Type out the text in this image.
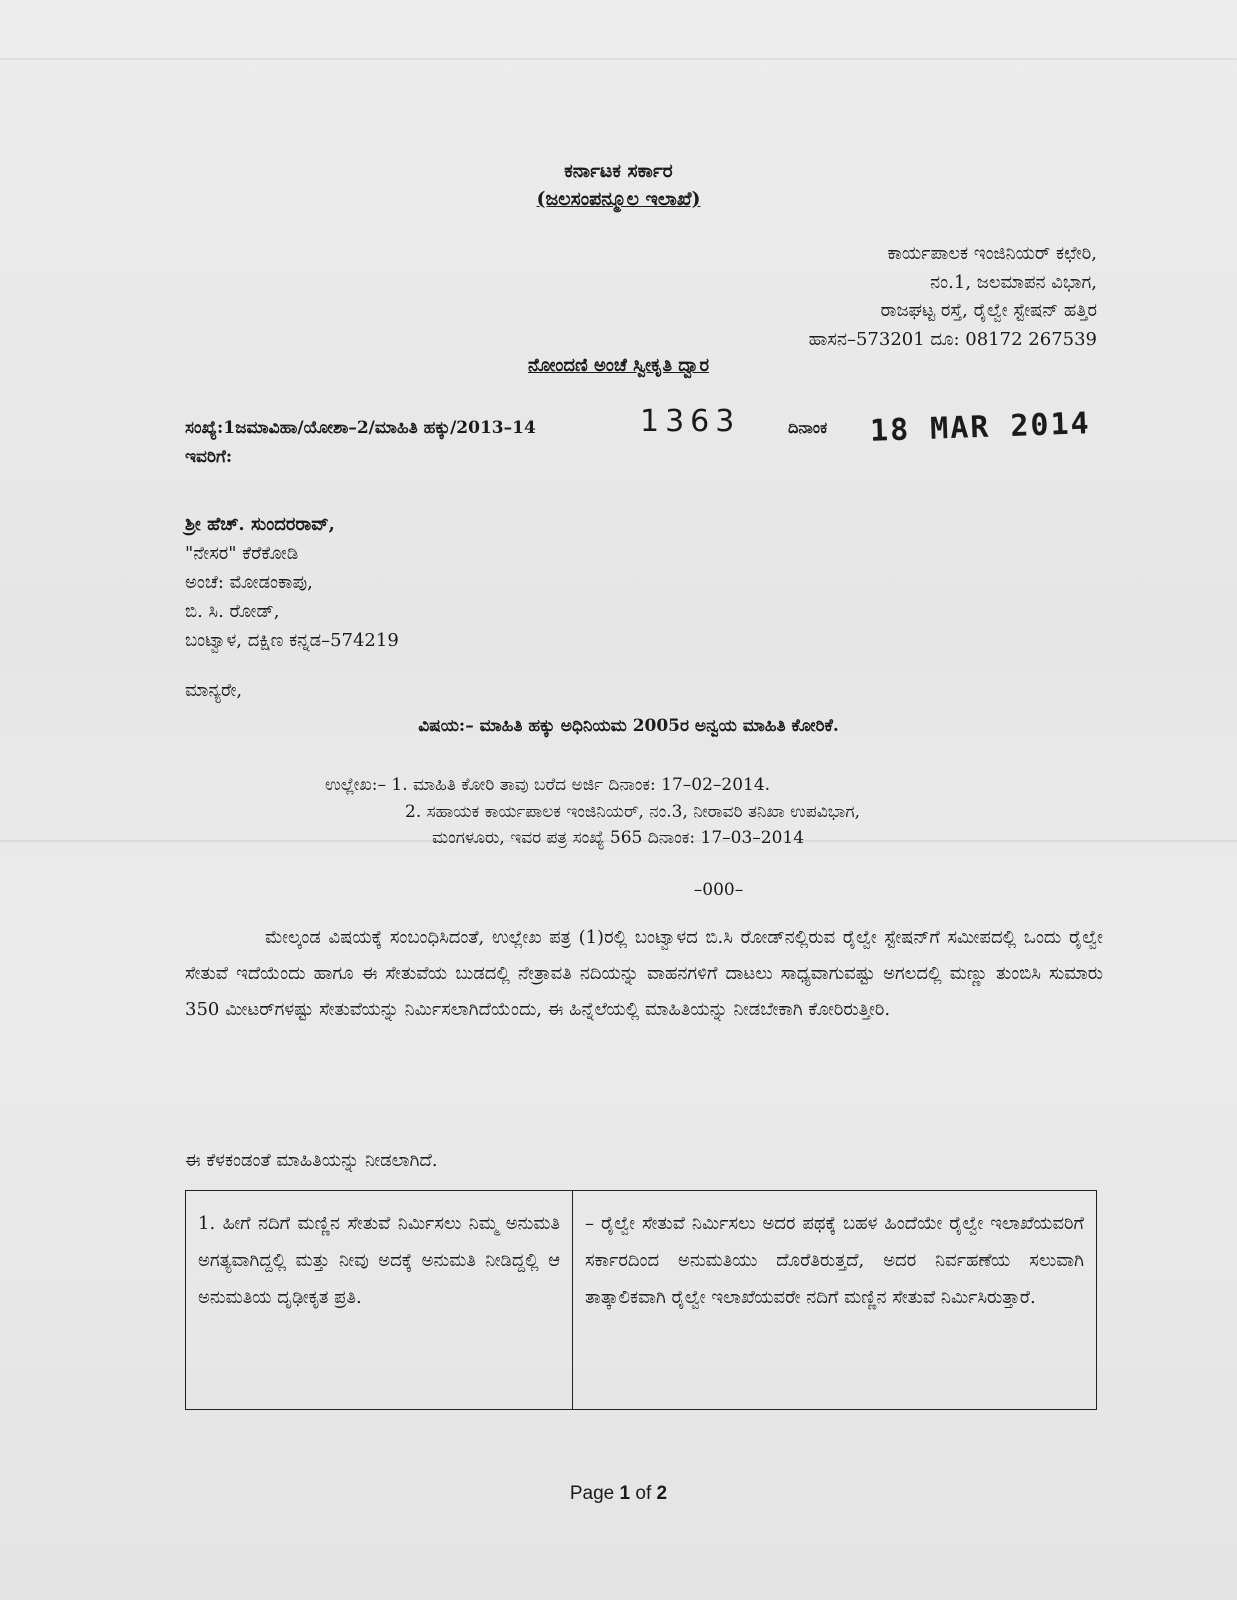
ಕರ್ನಾಟಕ ಸರ್ಕಾರ
(ಜಲಸಂಪನ್ಮೂಲ ಇಲಾಖೆ)
ಕಾರ್ಯಪಾಲಕ ಇಂಜಿನಿಯರ್ ಕಛೇರಿ,
ನಂ.1, ಜಲಮಾಪನ ವಿಭಾಗ,
ರಾಜಘಟ್ಟ ರಸ್ತೆ, ರೈಲ್ವೇ ಸ್ಟೇಷನ್ ಹತ್ತಿರ
ಹಾಸನ–573201 ದೂ: 08172 267539
ನೋಂದಣಿ ಅಂಚೆ ಸ್ವೀಕೃತಿ ದ್ವಾರ
ಸಂಖ್ಯೆ:1ಜಮಾವಿಹಾ/ಯೋಶಾ–2/ಮಾಹಿತಿ ಹಕ್ಕು/2013–14	1363	ದಿನಾಂಕ 18 MAR 2014
ಇವರಿಗೆ:
ಶ್ರೀ ಹೆಚ್. ಸುಂದರರಾವ್,
"ನೇಸರ" ಕೆರೆಕೋಡಿ
ಅಂಚೆ: ಮೋಡಂಕಾಪು,
ಬಿ. ಸಿ. ರೋಡ್,
ಬಂಟ್ವಾಳ, ದಕ್ಷಿಣ ಕನ್ನಡ–574219
ಮಾನ್ಯರೇ,
ವಿಷಯ:– ಮಾಹಿತಿ ಹಕ್ಕು ಅಧಿನಿಯಮ 2005ರ ಅನ್ವಯ ಮಾಹಿತಿ ಕೋರಿಕೆ.
ಉಲ್ಲೇಖ:– 1. ಮಾಹಿತಿ ಕೋರಿ ತಾವು ಬರೆದ ಅರ್ಜಿ ದಿನಾಂಕ: 17–02–2014.
2. ಸಹಾಯಕ ಕಾರ್ಯಪಾಲಕ ಇಂಜಿನಿಯರ್, ನಂ.3, ನೀರಾವರಿ ತನಿಖಾ ಉಪವಿಭಾಗ,
ಮಂಗಳೂರು, ಇವರ ಪತ್ರ ಸಂಖ್ಯೆ 565 ದಿನಾಂಕ: 17–03–2014
–000–
ಮೇಲ್ಕಂಡ ವಿಷಯಕ್ಕೆ ಸಂಬಂಧಿಸಿದಂತೆ, ಉಲ್ಲೇಖ ಪತ್ರ (1)ರಲ್ಲಿ ಬಂಟ್ವಾಳದ ಬಿ.ಸಿ ರೋಡ್‌ನಲ್ಲಿರುವ ರೈಲ್ವೇ ಸ್ಟೇಷನ್‌ಗೆ ಸಮೀಪದಲ್ಲಿ ಒಂದು ರೈಲ್ವೇ ಸೇತುವೆ ಇದೆಯೆಂದು ಹಾಗೂ ಈ ಸೇತುವೆಯ ಬುಡದಲ್ಲಿ ನೇತ್ರಾವತಿ ನದಿಯನ್ನು ವಾಹನಗಳಿಗೆ ದಾಟಲು ಸಾಧ್ಯವಾಗುವಷ್ಟು ಅಗಲದಲ್ಲಿ ಮಣ್ಣು ತುಂಬಿಸಿ ಸುಮಾರು 350 ಮೀಟರ್‌ಗಳಷ್ಟು ಸೇತುವೆಯನ್ನು ನಿರ್ಮಿಸಲಾಗಿದೆಯೆಂದು, ಈ ಹಿನ್ನೆಲೆಯಲ್ಲಿ ಮಾಹಿತಿಯನ್ನು ನೀಡಬೇಕಾಗಿ ಕೋರಿರುತ್ತೀರಿ.
ಈ ಕೆಳಕಂಡಂತೆ ಮಾಹಿತಿಯನ್ನು ನೀಡಲಾಗಿದೆ.
1. ಹೀಗೆ ನದಿಗೆ ಮಣ್ಣಿನ ಸೇತುವೆ ನಿರ್ಮಿಸಲು ನಿಮ್ಮ ಅನುಮತಿ ಅಗತ್ಯವಾಗಿದ್ದಲ್ಲಿ ಮತ್ತು ನೀವು ಅದಕ್ಕೆ ಅನುಮತಿ ನೀಡಿದ್ದಲ್ಲಿ ಆ ಅನುಮತಿಯ ದೃಢೀಕೃತ ಪ್ರತಿ.	– ರೈಲ್ವೇ ಸೇತುವೆ ನಿರ್ಮಿಸಲು ಅದರ ಪಥಕ್ಕೆ ಬಹಳ ಹಿಂದೆಯೇ ರೈಲ್ವೇ ಇಲಾಖೆಯವರಿಗೆ ಸರ್ಕಾರದಿಂದ ಅನುಮತಿಯು ದೊರೆತಿರುತ್ತದೆ, ಅದರ ನಿರ್ವಹಣೆಯ ಸಲುವಾಗಿ ತಾತ್ಕಾಲಿಕವಾಗಿ ರೈಲ್ವೇ ಇಲಾಖೆಯವರೇ ನದಿಗೆ ಮಣ್ಣಿನ ಸೇತುವೆ ನಿರ್ಮಿಸಿರುತ್ತಾರೆ.
Page 1 of 2
